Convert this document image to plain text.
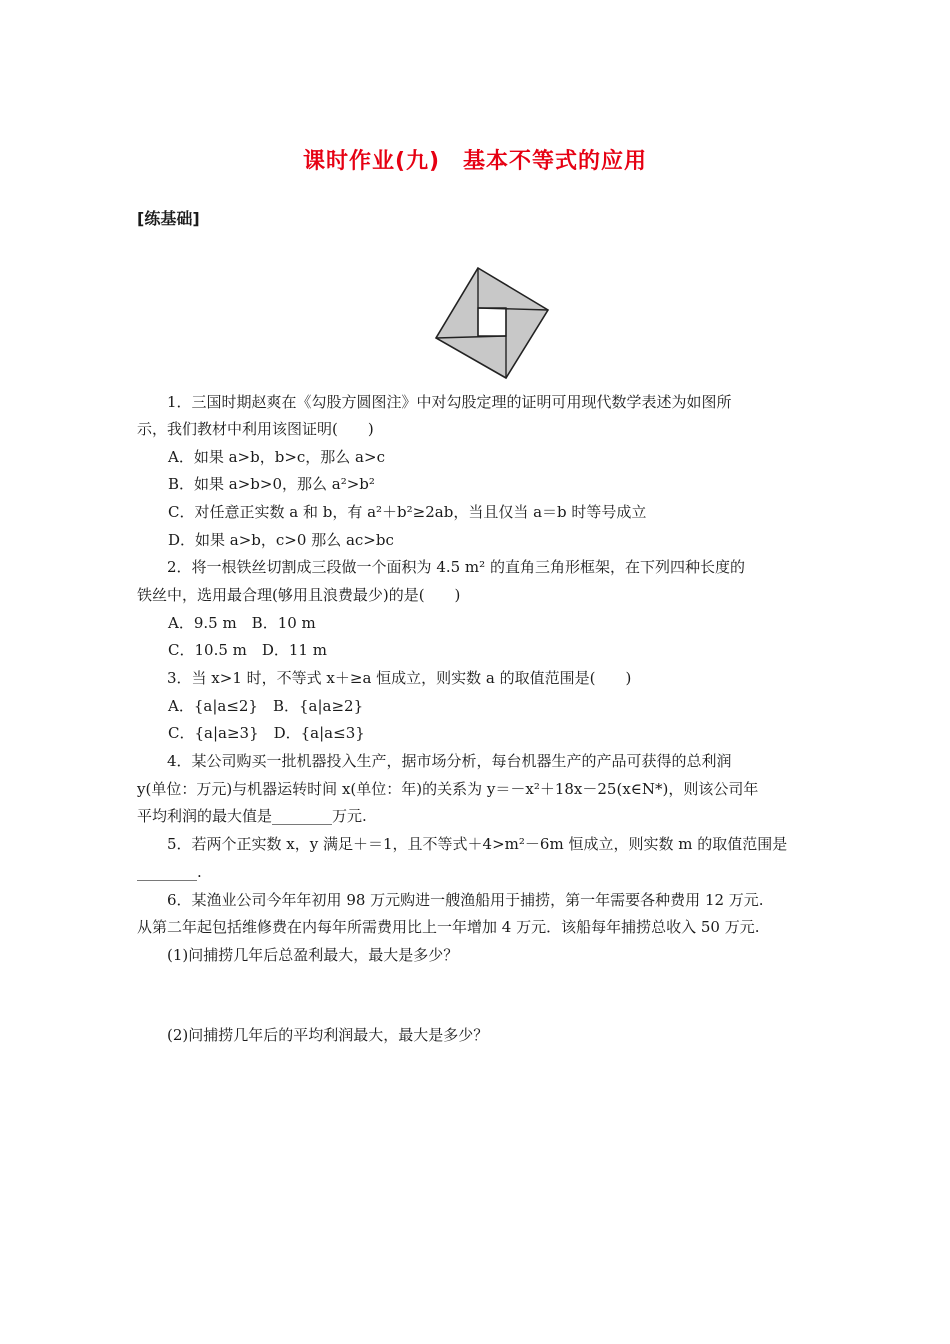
课时作业(九)　基本不等式的应用
[练基础]
1．三国时期赵爽在《勾股方圆图注》中对勾股定理的证明可用现代数学表述为如图所
示，我们教材中利用该图证明(　　)
A．如果 a>b，b>c，那么 a>c
B．如果 a>b>0，那么 a²>b²
C．对任意正实数 a 和 b，有 a²＋b²≥2ab，当且仅当 a＝b 时等号成立
D．如果 a>b，c>0 那么 ac>bc
2．将一根铁丝切割成三段做一个面积为 4.5 m² 的直角三角形框架，在下列四种长度的
铁丝中，选用最合理(够用且浪费最少)的是(　　)
A．9.5 m　B．10 m
C．10.5 m　D．11 m
3．当 x>1 时，不等式 x＋≥a 恒成立，则实数 a 的取值范围是(　　)
A．{a|a≤2}　B．{a|a≥2}
C．{a|a≥3}　D．{a|a≤3}
4．某公司购买一批机器投入生产，据市场分析，每台机器生产的产品可获得的总利润
y(单位：万元)与机器运转时间 x(单位：年)的关系为 y＝－x²＋18x－25(x∈N*)，则该公司年
平均利润的最大值是________万元.
5．若两个正实数 x，y 满足＋＝1，且不等式＋4>m²－6m 恒成立，则实数 m 的取值范围是
________.
6．某渔业公司今年年初用 98 万元购进一艘渔船用于捕捞，第一年需要各种费用 12 万元.
从第二年起包括维修费在内每年所需费用比上一年增加 4 万元．该船每年捕捞总收入 50 万元.
(1)问捕捞几年后总盈利最大，最大是多少？
(2)问捕捞几年后的平均利润最大，最大是多少？
